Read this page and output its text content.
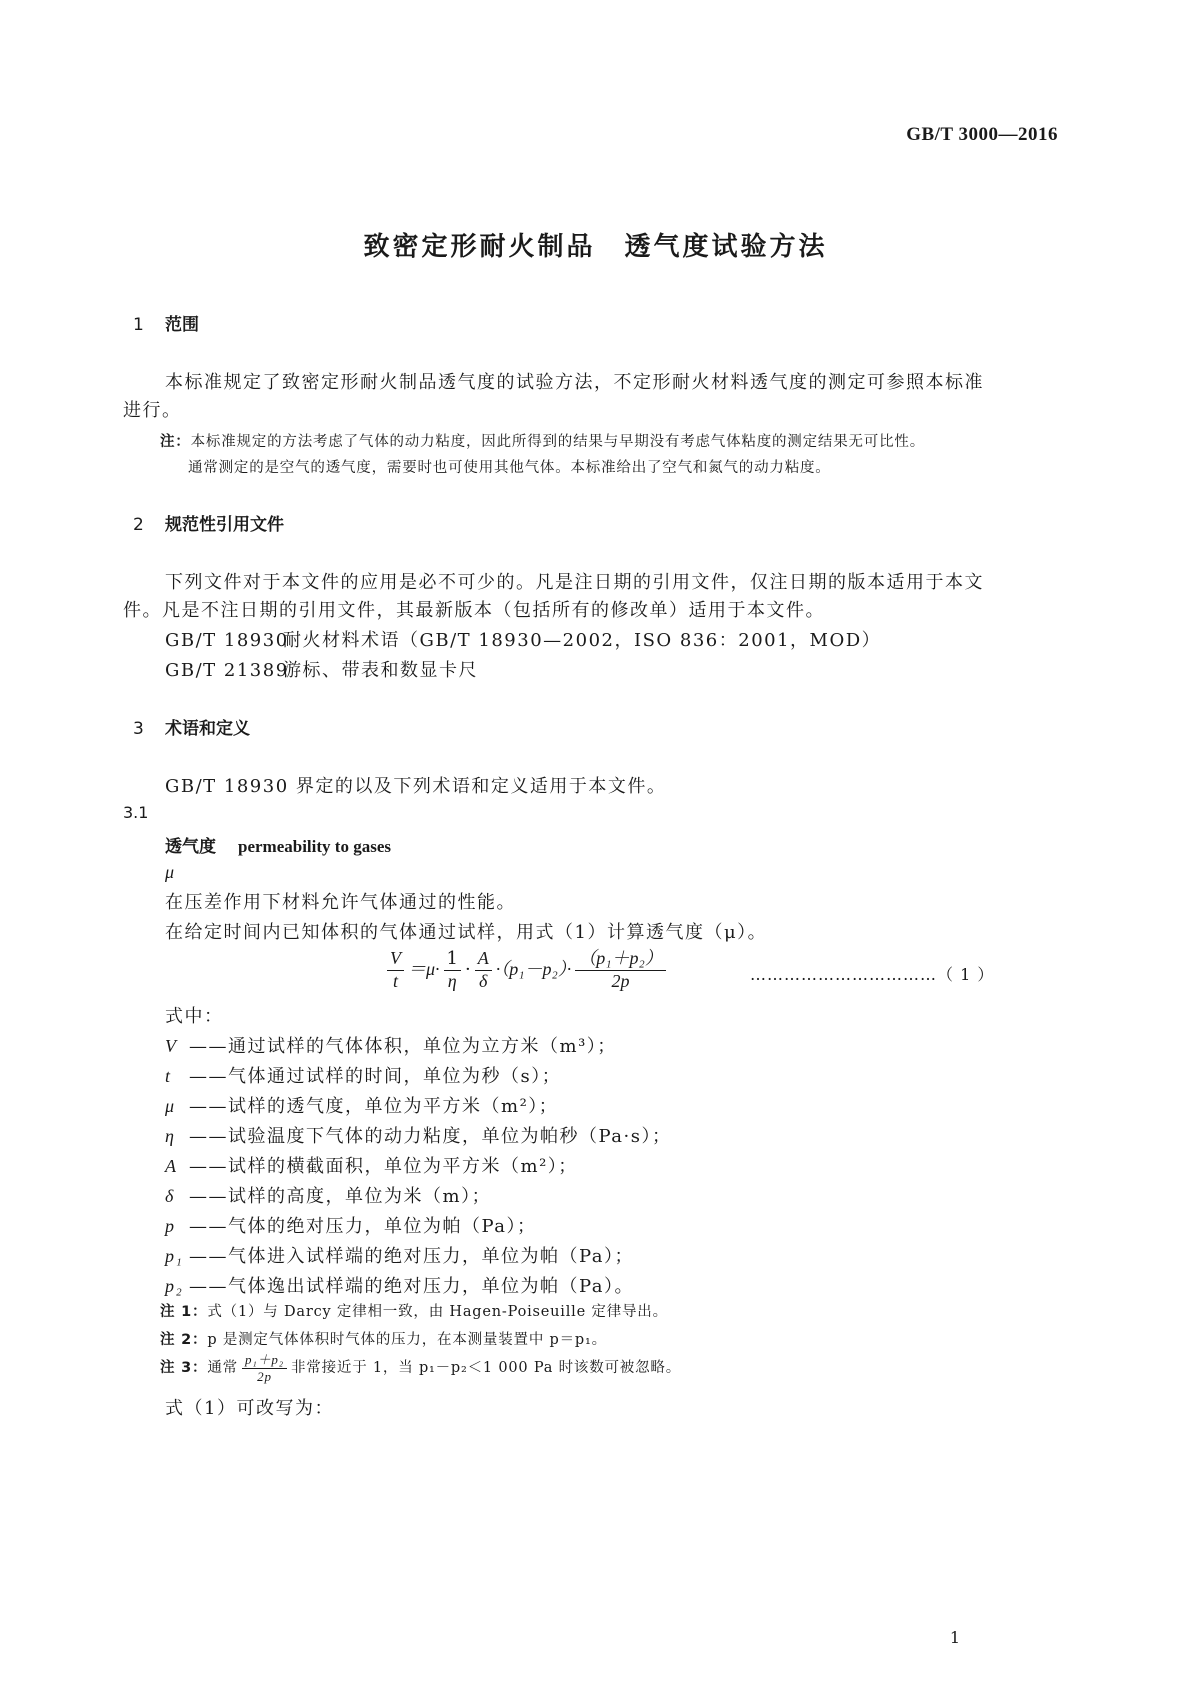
GB/T 3000—2016
致密定形耐火制品　透气度试验方法
1 范围
本标准规定了致密定形耐火制品透气度的试验方法，不定形耐火材料透气度的测定可参照本标准
进行。
注：本标准规定的方法考虑了气体的动力粘度，因此所得到的结果与早期没有考虑气体粘度的测定结果无可比性。
通常测定的是空气的透气度，需要时也可使用其他气体。本标准给出了空气和氮气的动力粘度。
2 规范性引用文件
下列文件对于本文件的应用是必不可少的。凡是注日期的引用文件，仅注日期的版本适用于本文
件。凡是不注日期的引用文件，其最新版本（包括所有的修改单）适用于本文件。
GB/T 18930耐火材料术语（GB/T 18930—2002，ISO 836：2001，MOD）
GB/T 21389游标、带表和数显卡尺
3 术语和定义
GB/T 18930 界定的以及下列术语和定义适用于本文件。
3.1
透气度 permeability to gases
μ
在压差作用下材料允许气体通过的性能。
在给定时间内已知体积的气体通过试样，用式（1）计算透气度（μ）。
$\frac{V}{t} =\mu\cdot \frac{1}{\eta} \cdot \frac{A}{\delta} \cdot(p_1-p_2)\cdot \frac{\text{（p₁＋p₂）}}{2p}$	……………………………（ 1 ）
式中：
V ——通过试样的气体体积，单位为立方米（m³）；
t ——气体通过试样的时间，单位为秒（s）；
μ ——试样的透气度，单位为平方米（m²）；
η ——试验温度下气体的动力粘度，单位为帕秒（Pa·s）；
A ——试样的横截面积，单位为平方米（m²）；
δ ——试样的高度，单位为米（m）；
p ——气体的绝对压力，单位为帕（Pa）；
p₁ ——气体进入试样端的绝对压力，单位为帕（Pa）；
p₂ ——气体逸出试样端的绝对压力，单位为帕（Pa）。
注 1：式（1）与 Darcy 定律相一致，由 Hagen-Poiseuille 定律导出。
注 2：p 是测定气体体积时气体的压力，在本测量装置中 p＝p₁。
注 3：通常 $\frac{\text{p₁＋p₂}}{2p}$ 非常接近于 1，当 p₁－p₂＜1 000 Pa 时该数可被忽略。
式（1）可改写为：
1
